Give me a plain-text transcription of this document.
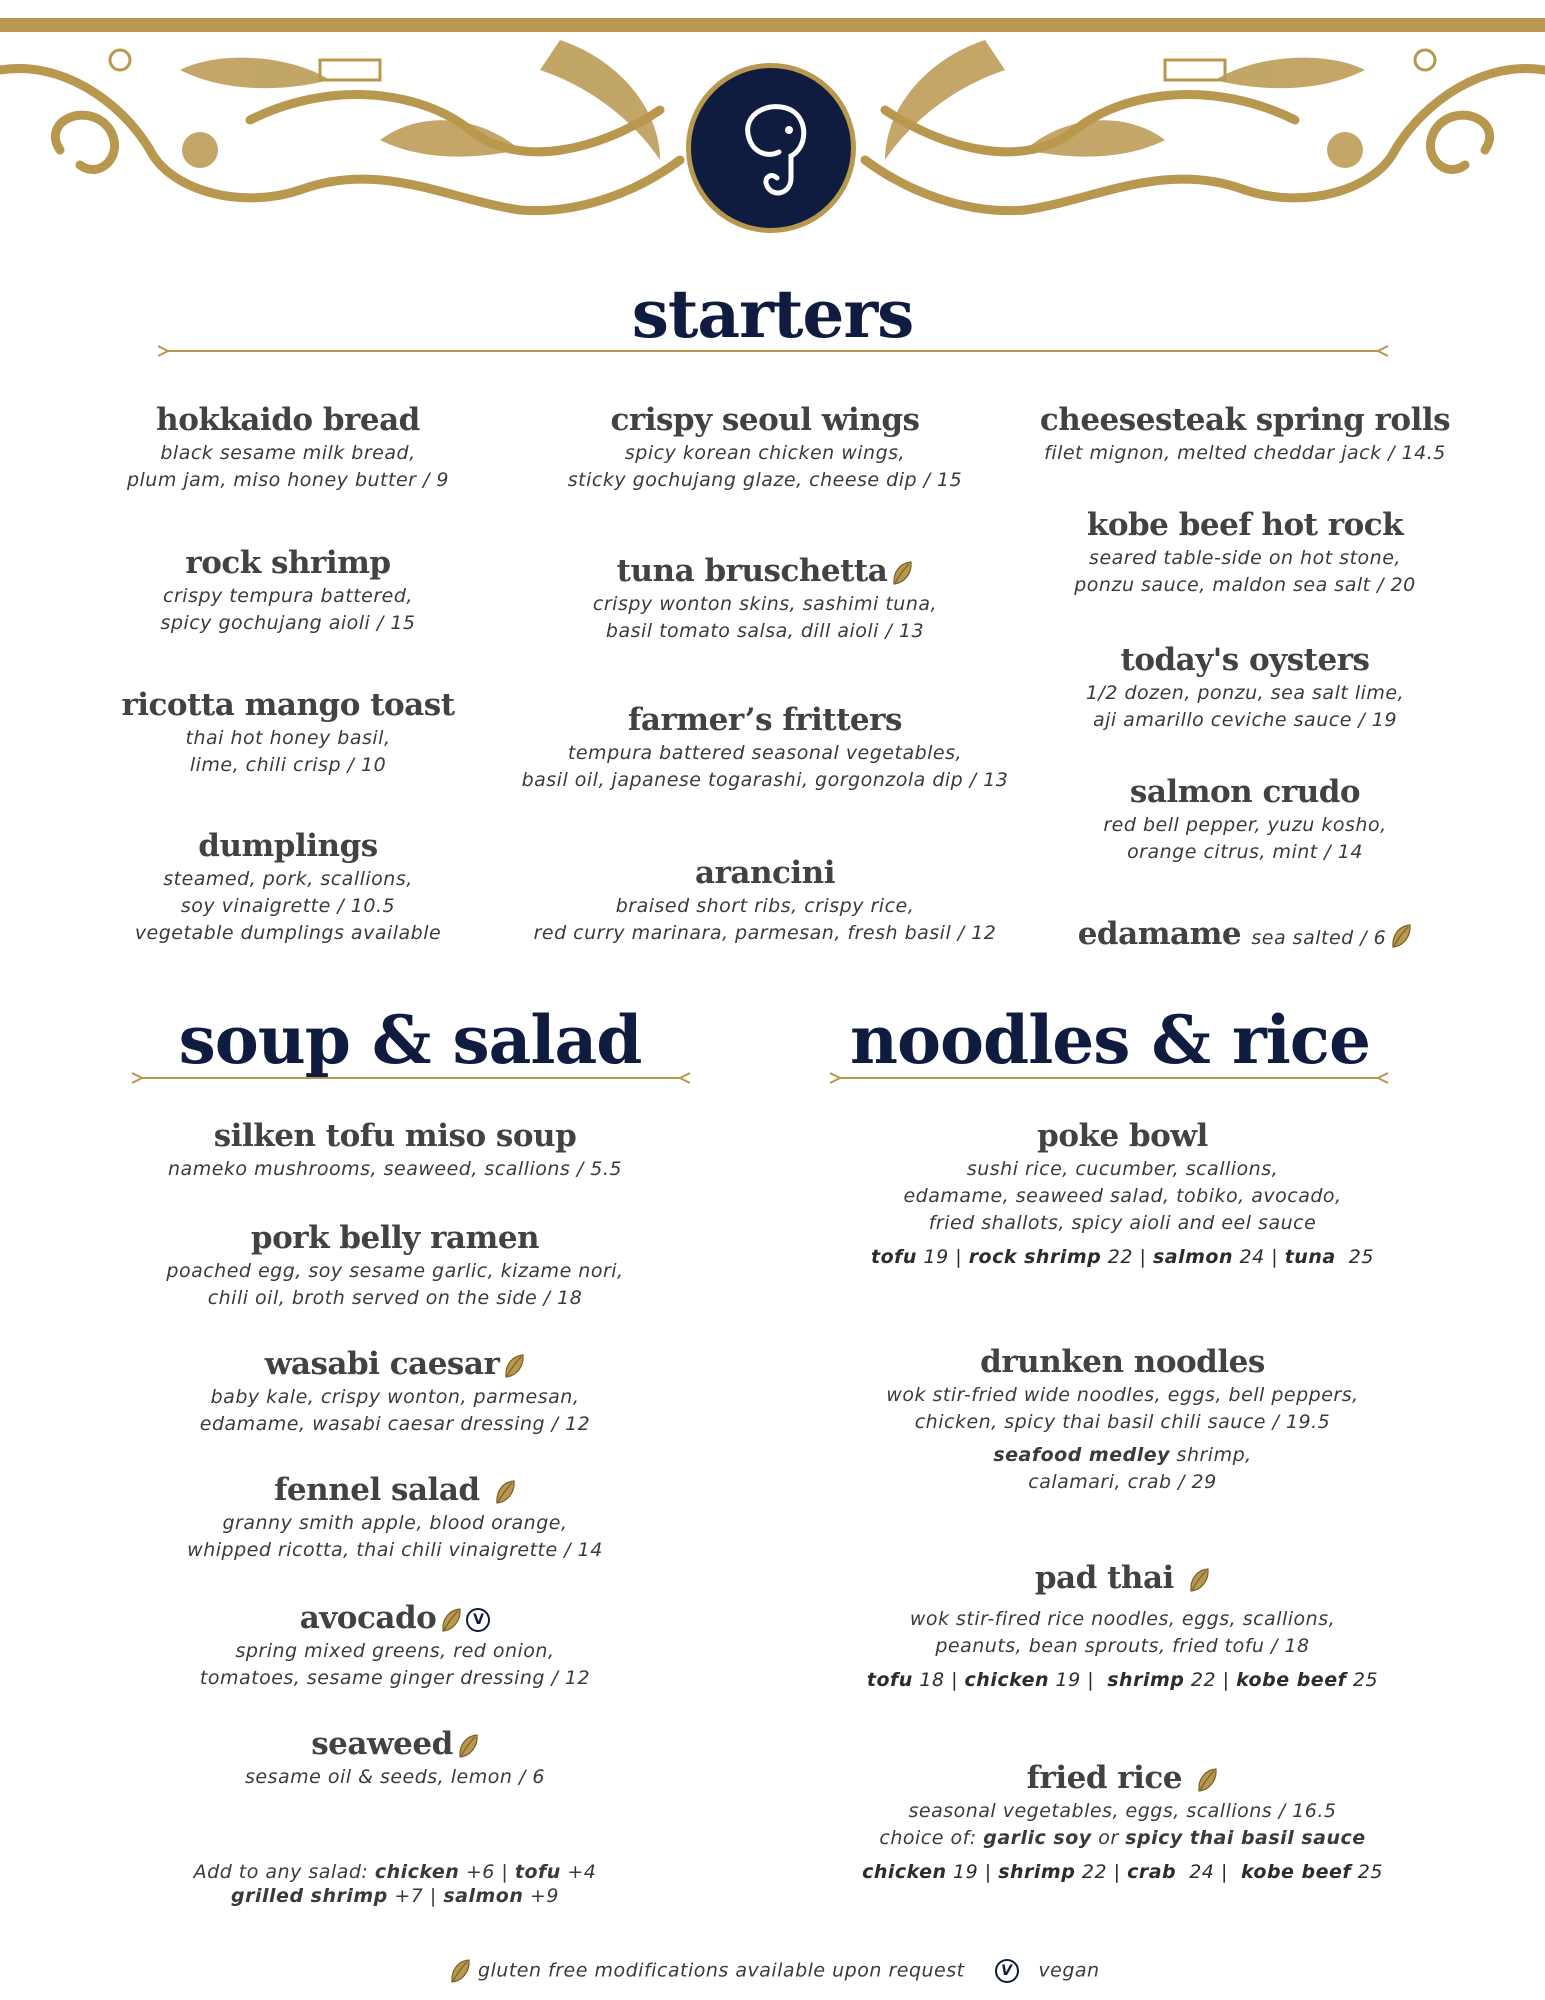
starters
hokkaido bread
black sesame milk bread,
plum jam, miso honey butter / 9
rock shrimp
crispy tempura battered,
spicy gochujang aioli / 15
ricotta mango toast
thai hot honey basil,
lime, chili crisp / 10
dumplings
steamed, pork, scallions,
soy vinaigrette / 10.5
vegetable dumplings available
crispy seoul wings
spicy korean chicken wings,
sticky gochujang glaze, cheese dip / 15
tuna bruschetta
crispy wonton skins, sashimi tuna,
basil tomato salsa, dill aioli / 13
farmer’s fritters
tempura battered seasonal vegetables,
basil oil, japanese togarashi, gorgonzola dip / 13
arancini
braised short ribs, crispy rice,
red curry marinara, parmesan, fresh basil / 12
cheesesteak spring rolls
filet mignon, melted cheddar jack / 14.5
kobe beef hot rock
seared table-side on hot stone,
ponzu sauce, maldon sea salt / 20
today's oysters
1/2 dozen, ponzu, sea salt lime,
aji amarillo ceviche sauce / 19
salmon crudo
red bell pepper, yuzu kosho,
orange citrus, mint / 14
edamame sea salted / 6
soup & salad
silken tofu miso soup
nameko mushrooms, seaweed, scallions / 5.5
pork belly ramen
poached egg, soy sesame garlic, kizame nori,
chili oil, broth served on the side / 18
wasabi caesar
baby kale, crispy wonton, parmesan,
edamame, wasabi caesar dressing / 12
fennel salad
granny smith apple, blood orange,
whipped ricotta, thai chili vinaigrette / 14
avocado	V
spring mixed greens, red onion,
tomatoes, sesame ginger dressing / 12
seaweed
sesame oil & seeds, lemon / 6
Add to any salad: chicken +6 | tofu +4
grilled shrimp +7 | salmon +9
noodles & rice
poke bowl
sushi rice, cucumber, scallions,
edamame, seaweed salad, tobiko, avocado,
fried shallots, spicy aioli and eel sauce
tofu 19 | rock shrimp 22 | salmon 24 | tuna 25
drunken noodles
wok stir-fried wide noodles, eggs, bell peppers,
chicken, spicy thai basil chili sauce / 19.5
seafood medley shrimp,
calamari, crab / 29
pad thai
wok stir-fired rice noodles, eggs, scallions,
peanuts, bean sprouts, fried tofu / 18
tofu 18 | chicken 19 |  shrimp 22 | kobe beef 25
fried rice
seasonal vegetables, eggs, scallions / 16.5
choice of: garlic soy or spicy thai basil sauce
chicken 19 | shrimp 22 | crab 24 |  kobe beef 25
gluten free modifications available upon request	V vegan
